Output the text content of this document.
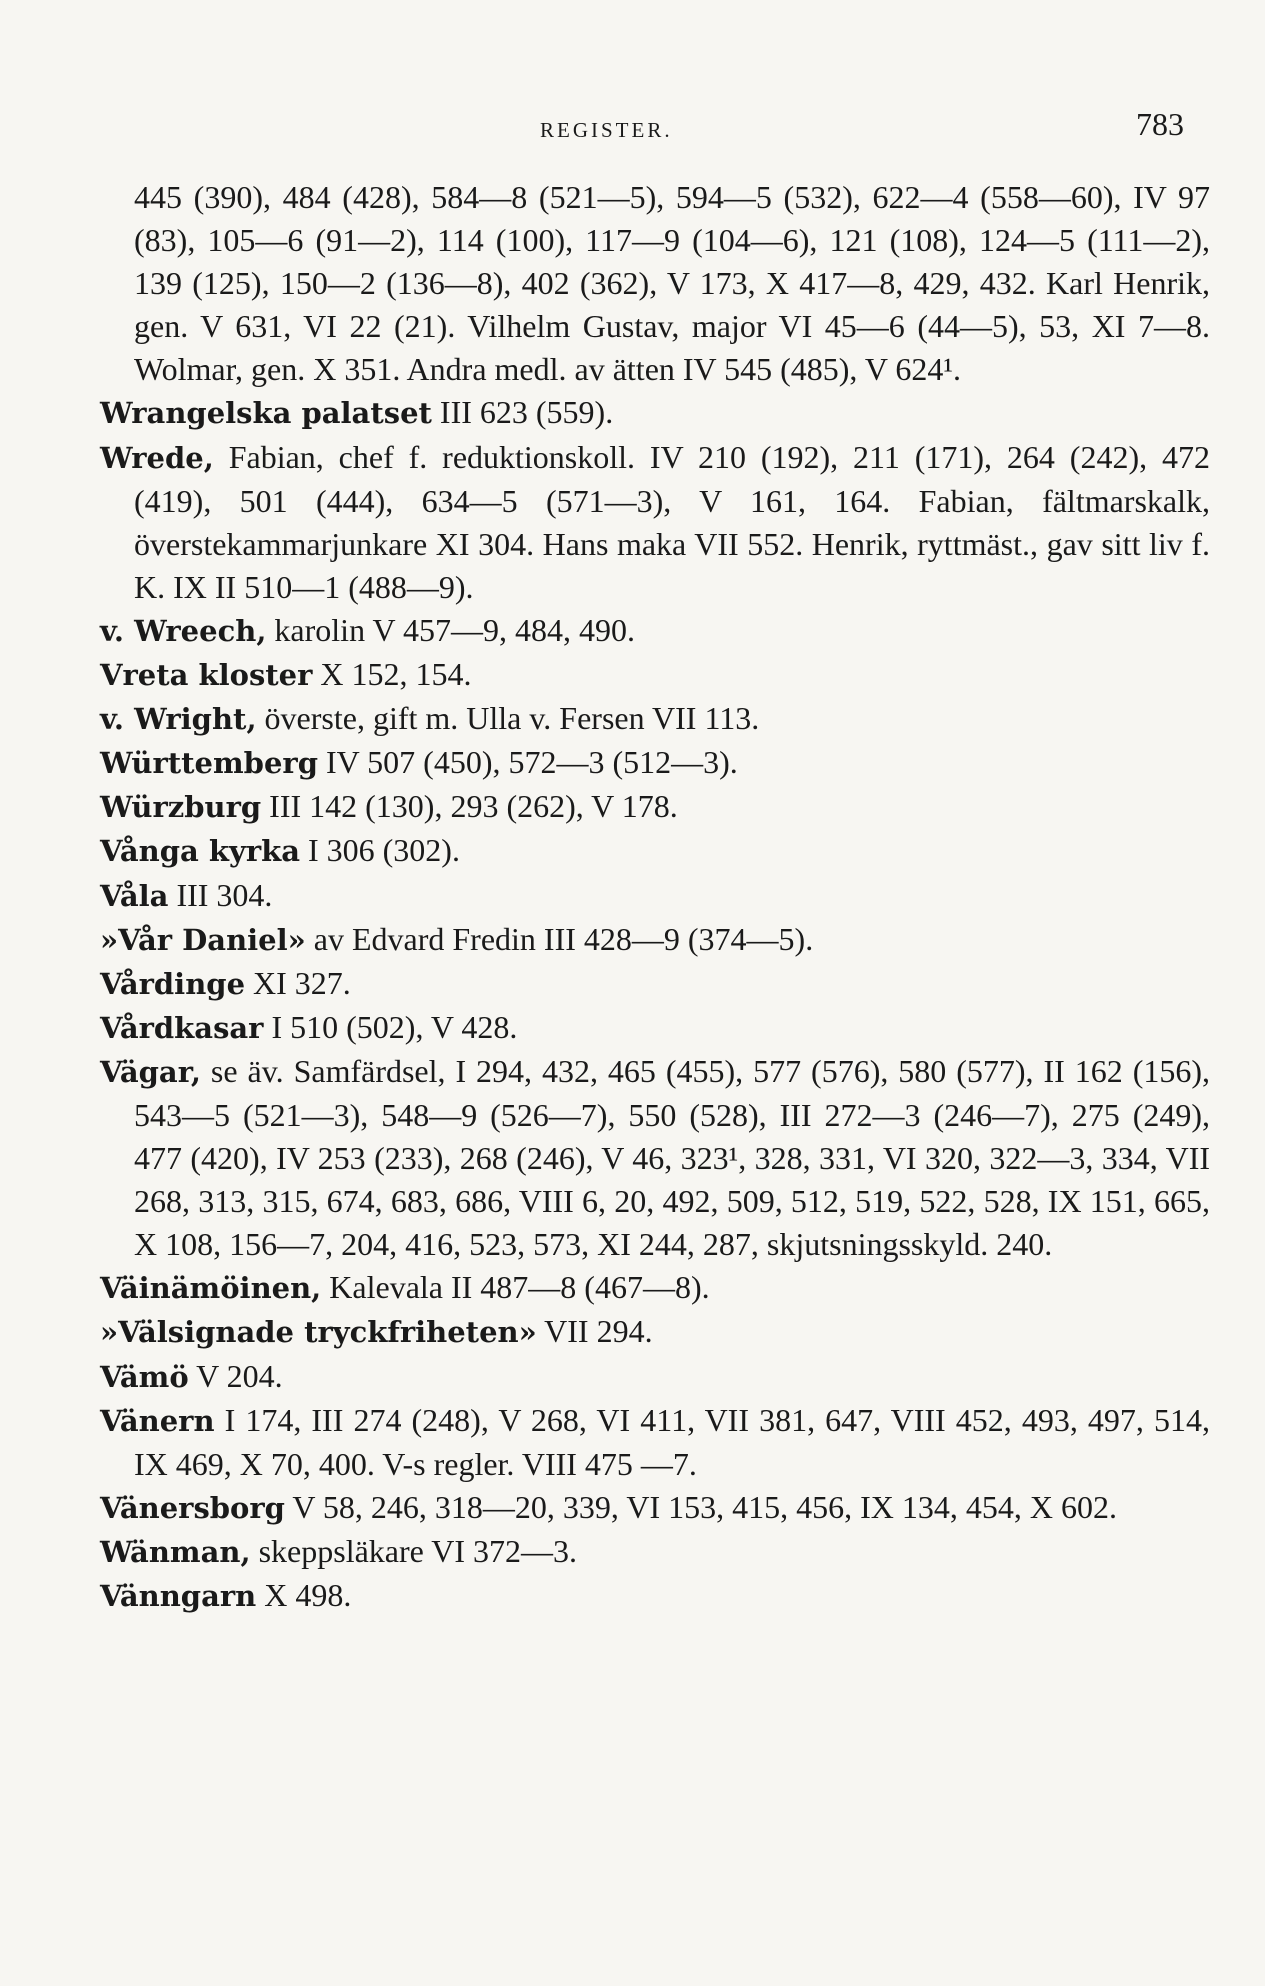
REGISTER.	783

445 (390), 484 (428), 584—8 (521—5), 594—5 (532), 622—4 (558—60), IV 97 (83), 105—6 (91—2), 114 (100), 117—9 (104—6), 121 (108), 124—5 (111—2), 139 (125), 150—2 (136—8), 402 (362), V 173, X 417—8, 429, 432. Karl Henrik, gen. V 631, VI 22 (21). Vilhelm Gustav, major VI 45—6 (44—5), 53, XI 7—8. Wolmar, gen. X 351. Andra medl. av ätten IV 545 (485), V 624¹.

Wrangelska palatset III 623 (559).

Wrede, Fabian, chef f. reduktionskoll. IV 210 (192), 211 (171), 264 (242), 472 (419), 501 (444), 634—5 (571—3), V 161, 164. Fabian, fältmarskalk, överstekammarjunkare XI 304. Hans maka VII 552. Henrik, ryttmäst., gav sitt liv f. K. IX II 510—1 (488—9).

v. Wreech, karolin V 457—9, 484, 490.

Vreta kloster X 152, 154.

v. Wright, överste, gift m. Ulla v. Fersen VII 113.

Württemberg IV 507 (450), 572—3 (512—3).

Würzburg III 142 (130), 293 (262), V 178.

Vånga kyrka I 306 (302).

Våla III 304.

»Vår Daniel» av Edvard Fredin III 428—9 (374—5).

Vårdinge XI 327.

Vårdkasar I 510 (502), V 428.

Vägar, se äv. Samfärdsel, I 294, 432, 465 (455), 577 (576), 580 (577), II 162 (156), 543—5 (521—3), 548—9 (526—7), 550 (528), III 272—3 (246—7), 275 (249), 477 (420), IV 253 (233), 268 (246), V 46, 323¹, 328, 331, VI 320, 322—3, 334, VII 268, 313, 315, 674, 683, 686, VIII 6, 20, 492, 509, 512, 519, 522, 528, IX 151, 665, X 108, 156—7, 204, 416, 523, 573, XI 244, 287, skjutsningsskyld. 240.

Väinämöinen, Kalevala II 487—8 (467—8).

»Välsignade tryckfriheten» VII 294.

Vämö V 204.

Vänern I 174, III 274 (248), V 268, VI 411, VII 381, 647, VIII 452, 493, 497, 514, IX 469, X 70, 400. V-s regler. VIII 475 —7.

Vänersborg V 58, 246, 318—20, 339, VI 153, 415, 456, IX 134, 454, X 602.

Wänman, skeppsläkare VI 372—3.

Vänngarn X 498.
